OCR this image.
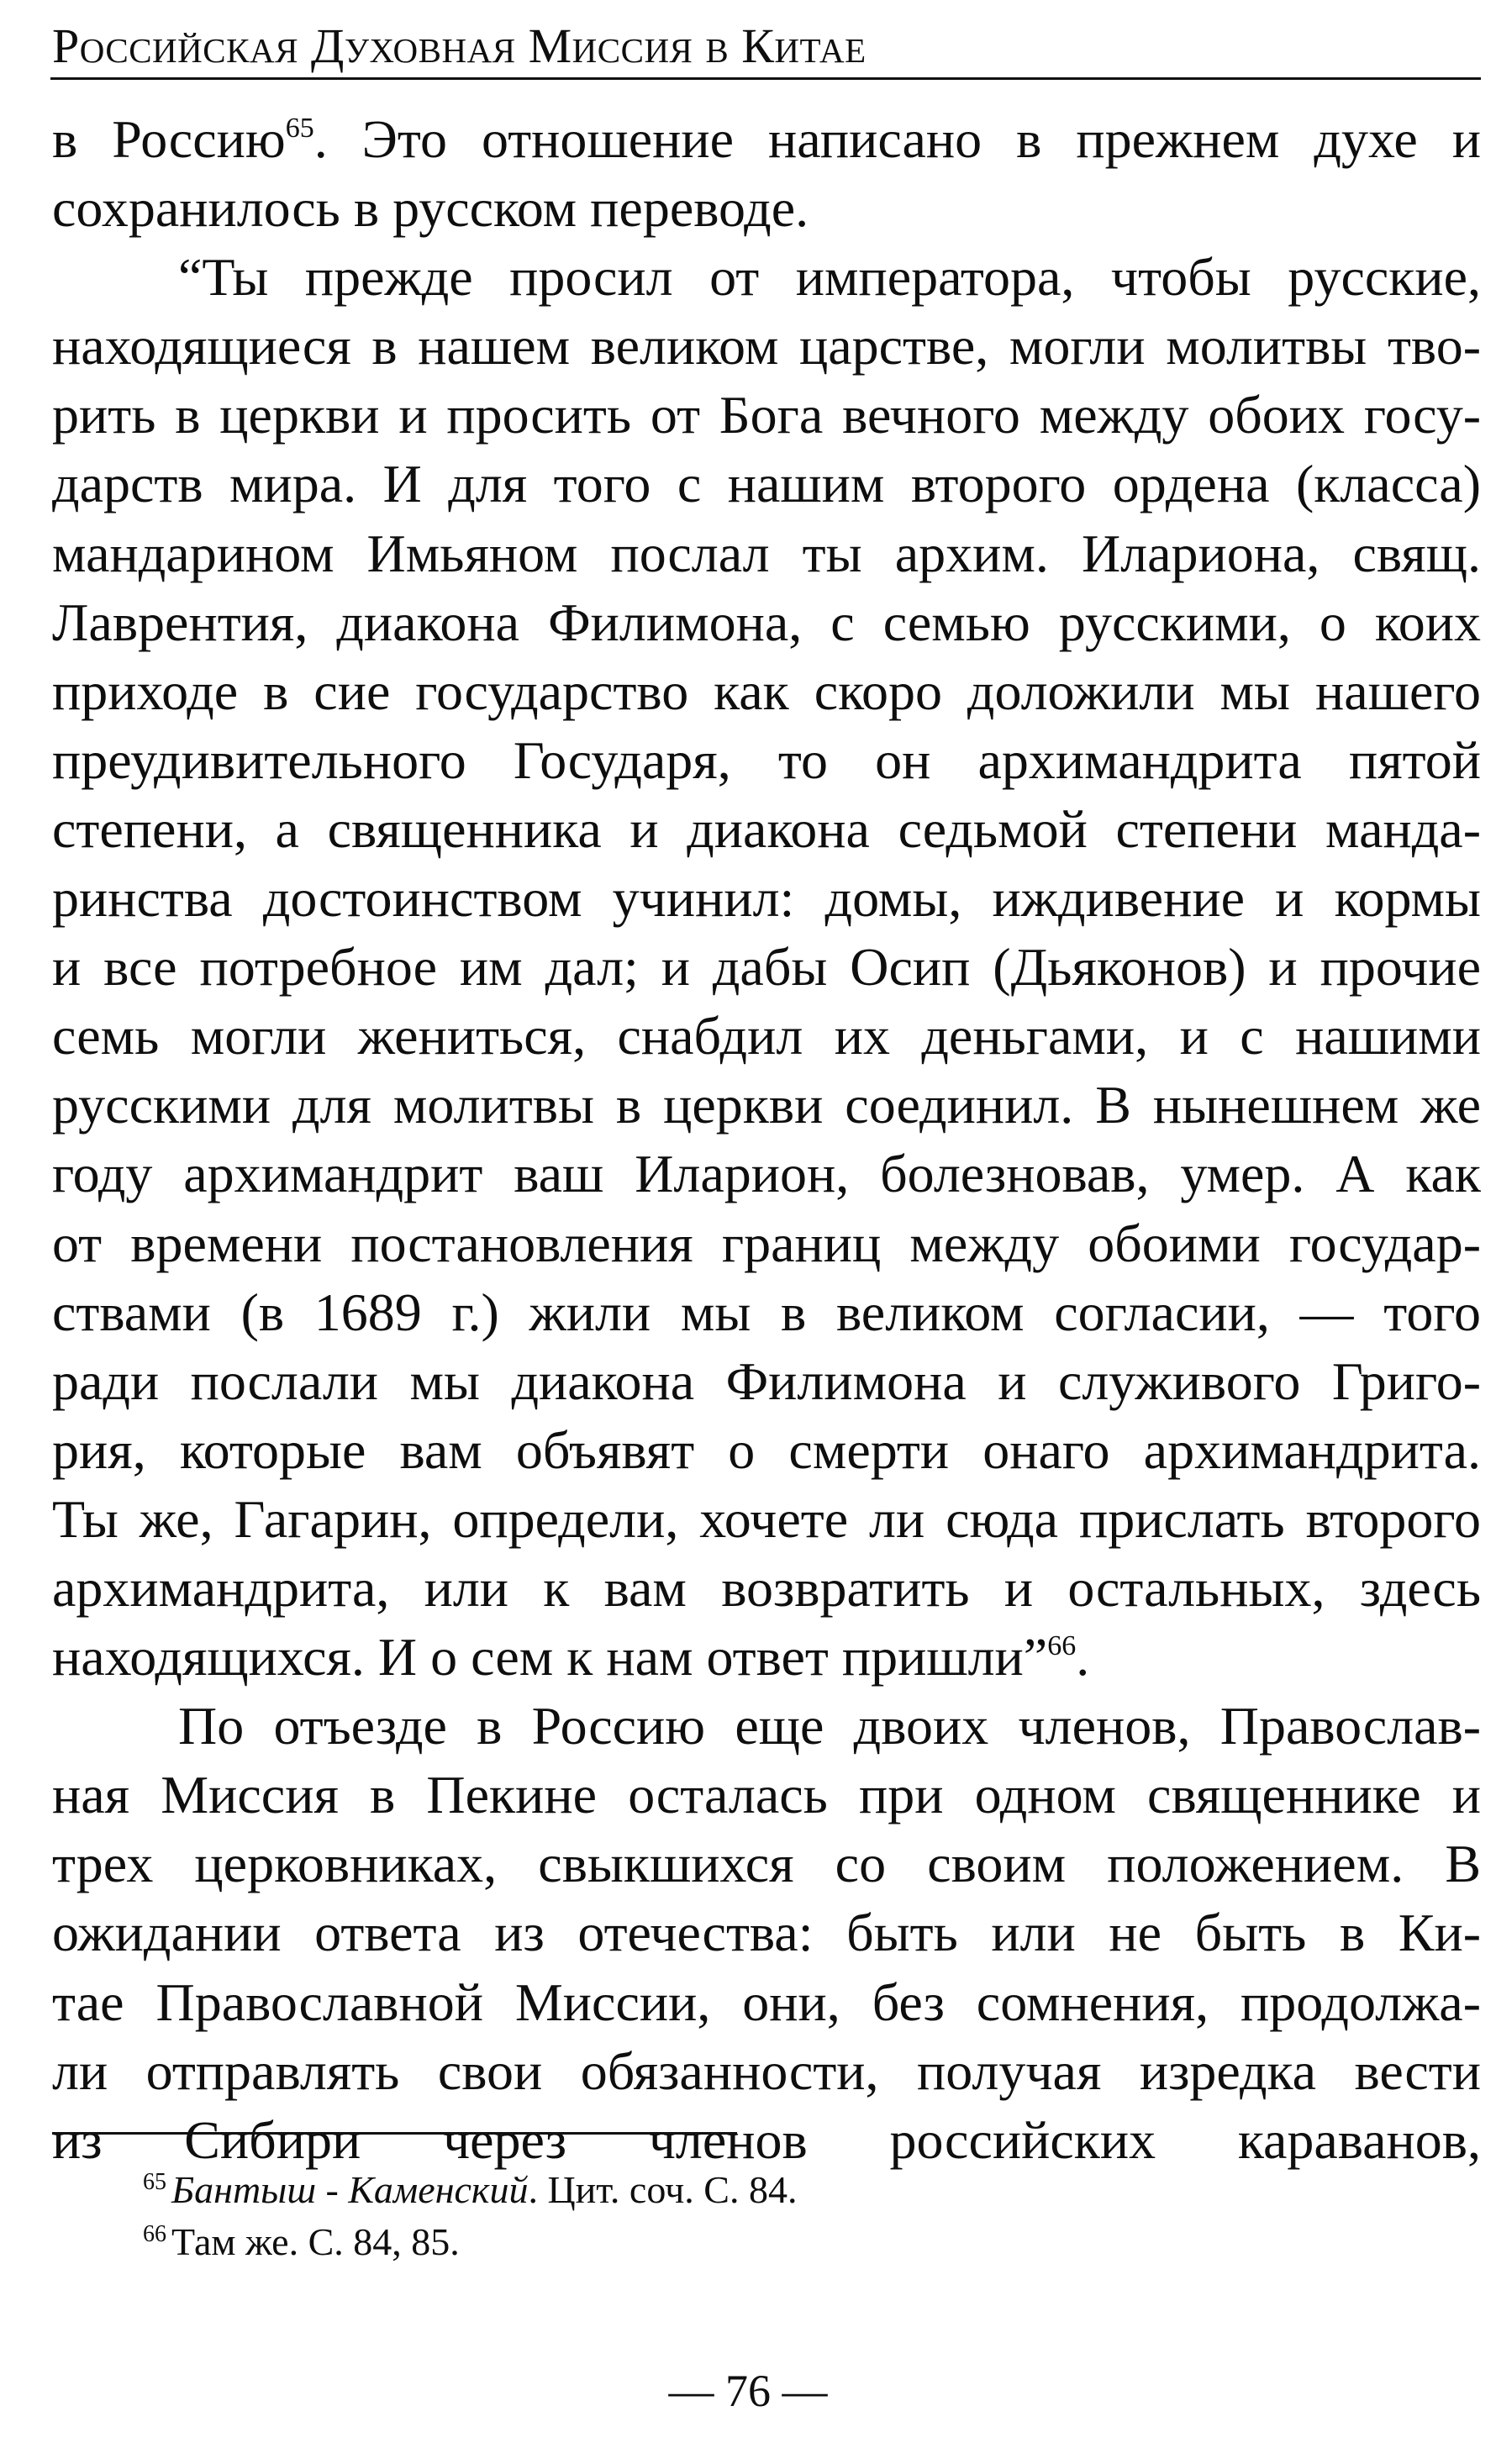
Российская Духовная Миссия в Китае
в Россию$^{65}$. Это отношение написано в прежнем духе и
сохранилось в русском переводе.
“Ты прежде просил от императора, чтобы русские,
находящиеся в нашем великом царстве, могли молитвы тво-
рить в церкви и просить от Бога вечного между обоих госу-
дарств мира. И для того с нашим второго ордена (класса)
мандарином Имьяном послал ты архим. Илариона, свящ.
Лаврентия, диакона Филимона, с семью русскими, о коих
приходе в сие государство как скоро доложили мы нашего
преудивительного Государя, то он архимандрита пятой
степени, а священника и диакона седьмой степени манда-
ринства достоинством учинил: домы, иждивение и кормы
и все потребное им дал; и дабы Осип (Дьяконов) и прочие
семь могли жениться, снабдил их деньгами, и с нашими
русскими для молитвы в церкви соединил. В нынешнем же
году архимандрит ваш Иларион, болезновав, умер. А как
от времени постановления границ между обоими государ-
ствами (в 1689 г.) жили мы в великом согласии, — того
ради послали мы диакона Филимона и служивого Григо-
рия, которые вам объявят о смерти онаго архимандрита.
Ты же, Гагарин, определи, хочете ли сюда прислать второго
архимандрита, или к вам возвратить и остальных, здесь
находящихся. И о сем к нам ответ пришли”$^{66}$.
По отъезде в Россию еще двоих членов, Православ-
ная Миссия в Пекине осталась при одном священнике и
трех церковниках, свыкшихся со своим положением. В
ожидании ответа из отечества: быть или не быть в Ки-
тае Православной Миссии, они, без сомнения, продолжа-
ли отправлять свои обязанности, получая изредка вести
из Сибири через членов российских караванов,
$^{65}$ Бантыш - Каменский. Цит. соч. С. 84.
$^{66}$ Там же. С. 84, 85.
— 76 —
